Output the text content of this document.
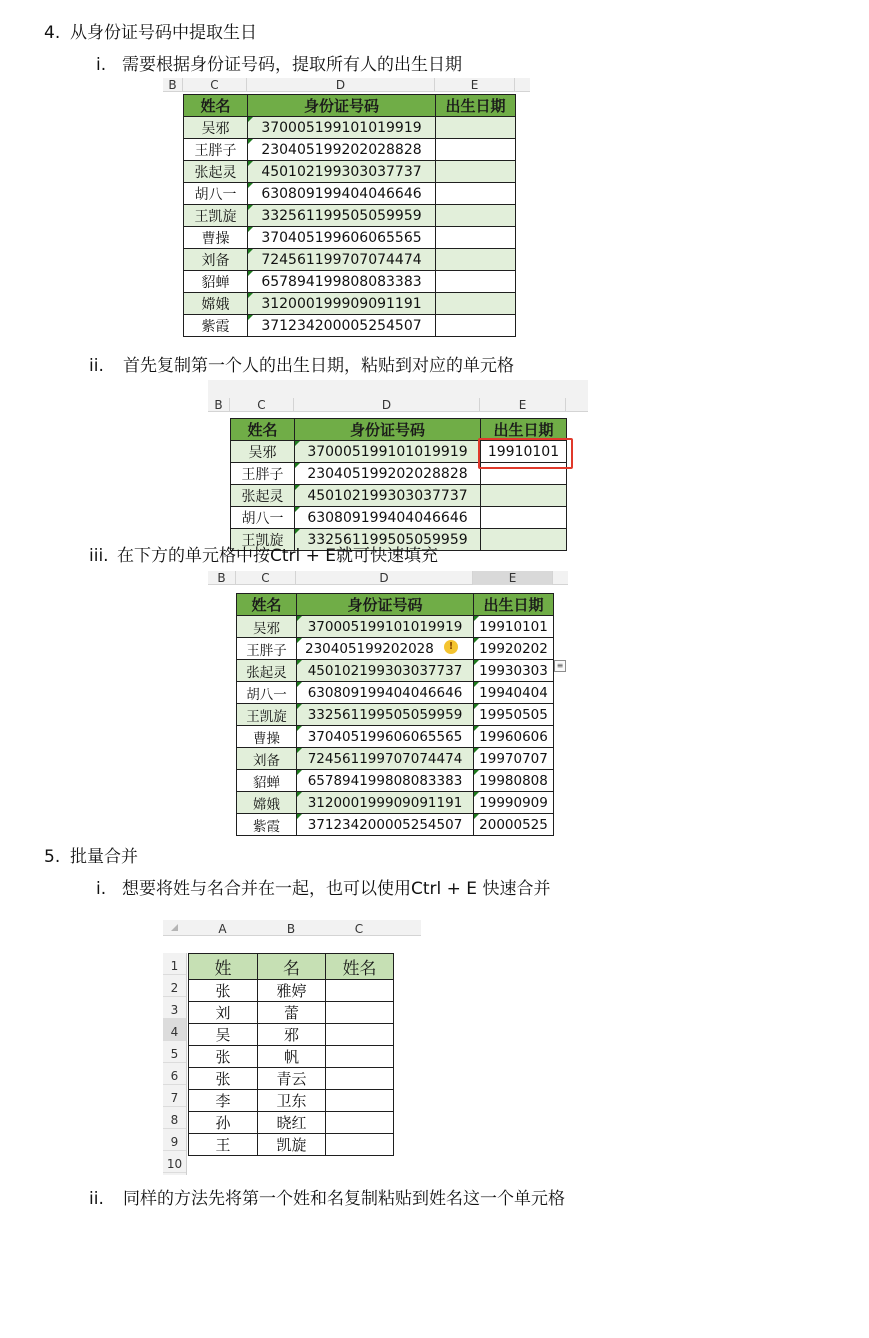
4. 从身份证号码中提取生日
i. 需要根据身份证号码，提取所有人的出生日期
B	C	D	E
姓名	身份证号码	出生日期
吴邪	370005199101019919	
王胖子	230405199202028828	
张起灵	450102199303037737	
胡八一	630809199404046646	
王凯旋	332561199505059959	
曹操	370405199606065565	
刘备	724561199707074474	
貂蝉	657894199808083383	
嫦娥	312000199909091191	
紫霞	371234200005254507	
ii. 首先复制第一个人的出生日期，粘贴到对应的单元格
B	C	D	E
姓名	身份证号码	出生日期
吴邪	370005199101019919	19910101
王胖子	230405199202028828	
张起灵	450102199303037737	
胡八一	630809199404046646	
王凯旋	332561199505059959	
iii. 在下方的单元格中按Ctrl + E就可快速填充
B	C	D	E
姓名	身份证号码	出生日期
吴邪	370005199101019919	19910101
王胖子	230405199202028	19920202
张起灵	450102199303037737	19930303
胡八一	630809199404046646	19940404
王凯旋	332561199505059959	19950505
曹操	370405199606065565	19960606
刘备	724561199707074474	19970707
貂蝉	657894199808083383	19980808
嫦娥	312000199909091191	19990909
紫霞	371234200005254507	20000525
!
≡
5. 批量合并
i. 想要将姓与名合并在一起，也可以使用Ctrl + E 快速合并
A	B	C
1
2
3
4
5
6
7
8
9
10
姓	名	姓名
张	雅婷	
刘	蕾	
吴	邪	
张	帆	
张	青云	
李	卫东	
孙	晓红	
王	凯旋	
ii. 同样的方法先将第一个姓和名复制粘贴到姓名这一个单元格
